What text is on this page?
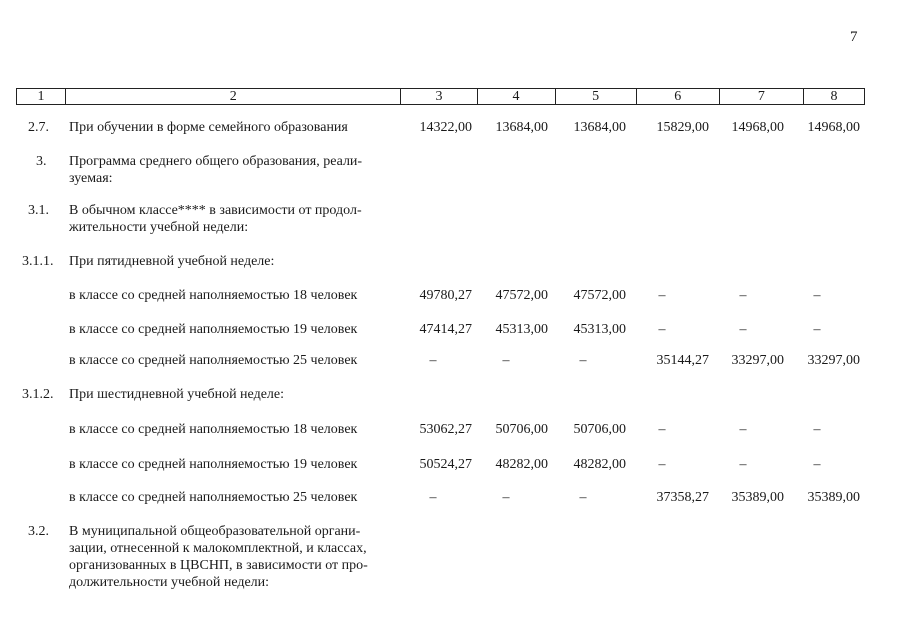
7
1	2	3	4	5	6	7	8
2.7. При обучении в форме семейного образования	14322,00	13684,00	13684,00	15829,00	14968,00	14968,00
3. Программа среднего общего образования, реали-
зуемая:
3.1. В обычном классе**** в зависимости от продол-
жительности учебной недели:
3.1.1. При пятидневной учебной неделе:
в классе со средней наполняемостью 18 человек	49780,27	47572,00	47572,00	–	–	–
в классе со средней наполняемостью 19 человек	47414,27	45313,00	45313,00	–	–	–
в классе со средней наполняемостью 25 человек	–	–	–	35144,27	33297,00	33297,00
3.1.2. При шестидневной учебной неделе:
в классе со средней наполняемостью 18 человек	53062,27	50706,00	50706,00	–	–	–
в классе со средней наполняемостью 19 человек	50524,27	48282,00	48282,00	–	–	–
в классе со средней наполняемостью 25 человек	–	–	–	37358,27	35389,00	35389,00
3.2. В муниципальной общеобразовательной органи-
зации, отнесенной к малокомплектной, и классах,
организованных в ЦВСНП, в зависимости от про-
должительности учебной недели:
